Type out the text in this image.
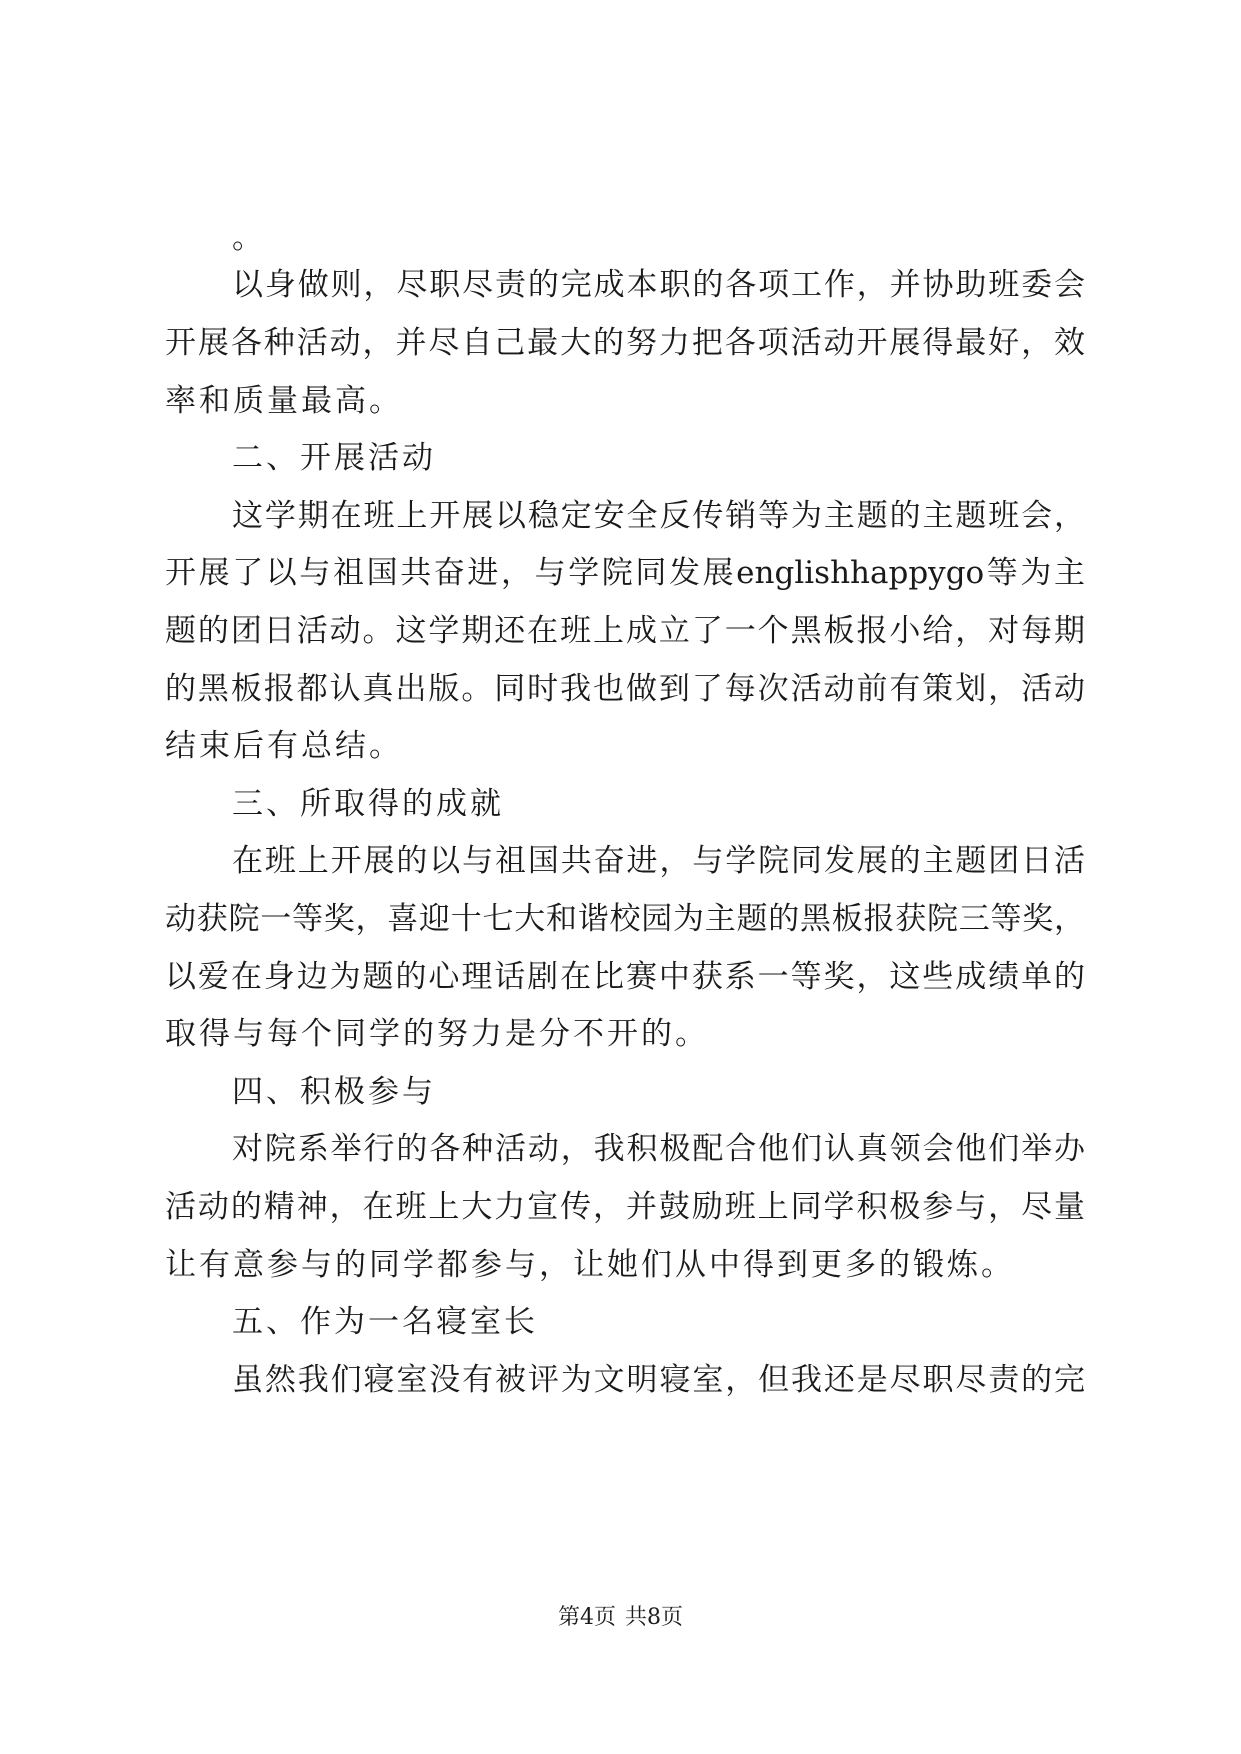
。
以身做则，尽职尽责的完成本职的各项工作，并协助班委会
开展各种活动，并尽自己最大的努力把各项活动开展得最好，效
率和质量最高。
二、开展活动
这学期在班上开展以稳定安全反传销等为主题的主题班会，
开展了以与祖国共奋进，与学院同发展englishhappygo等为主
题的团日活动。这学期还在班上成立了一个黑板报小给，对每期
的黑板报都认真出版。同时我也做到了每次活动前有策划，活动
结束后有总结。
三、所取得的成就
在班上开展的以与祖国共奋进，与学院同发展的主题团日活
动获院一等奖，喜迎十七大和谐校园为主题的黑板报获院三等奖，
以爱在身边为题的心理话剧在比赛中获系一等奖，这些成绩单的
取得与每个同学的努力是分不开的。
四、积极参与
对院系举行的各种活动，我积极配合他们认真领会他们举办
活动的精神，在班上大力宣传，并鼓励班上同学积极参与，尽量
让有意参与的同学都参与，让她们从中得到更多的锻炼。
五、作为一名寝室长
虽然我们寝室没有被评为文明寝室，但我还是尽职尽责的完
第4页 共8页
